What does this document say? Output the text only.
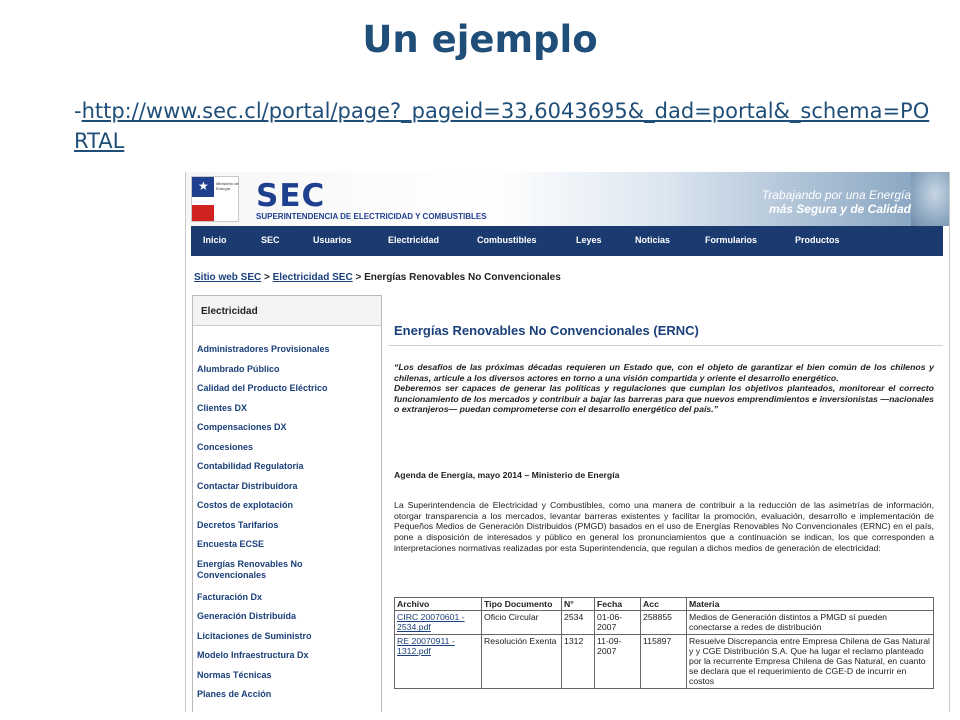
Un ejemplo
-http://www.sec.cl/portal/page?_pageid=33,6043695&_dad=portal&_schema=PORTAL
★ Ministerio de Energía SEC
SUPERINTENDENCIA DE ELECTRICIDAD Y COMBUSTIBLES
Trabajando por una Energía
más Segura y de Calidad
Inicio	SEC	Usuarios	Electricidad	Combustibles	Leyes	Noticias	Formularios	Productos
Sitio web SEC > Electricidad SEC > Energías Renovables No Convencionales
Electricidad
Administradores Provisionales
Alumbrado Público
Calidad del Producto Eléctrico
Clientes DX
Compensaciones DX
Concesiones
Contabilidad Regulatoria
Contactar Distribuidora
Costos de explotación
Decretos Tarifarios
Encuesta ECSE
Energías Renovables No Convencionales
Facturación Dx
Generación Distribuída
Licitaciones de Suministro
Modelo Infraestructura Dx
Normas Técnicas
Planes de Acción
Energías Renovables No Convencionales (ERNC)

“Los desafíos de las próximas décadas requieren un Estado que, con el objeto de garantizar el bien común de los chilenos y chilenas, articule a los diversos actores en torno a una visión compartida y oriente el desarrollo energético.

Deberemos ser capaces de generar las políticas y regulaciones que cumplan los objetivos planteados, monitorear el correcto funcionamiento de los mercados y contribuir a bajar las barreras para que nuevos emprendimientos e inversionistas —nacionales o extranjeros— puedan comprometerse con el desarrollo energético del país.”

Agenda de Energía, mayo 2014 – Ministerio de Energía
La Superintendencia de Electricidad y Combustibles, como una manera de contribuir a la reducción de las asimetrías de información, otorgar transparencia a los mercados, levantar barreras existentes y facilitar la promoción, evaluación, desarrollo e implementación de Pequeños Medios de Generación Distribuidos (PMGD) basados en el uso de Energías Renovables No Convencionales (ERNC) en el país, pone a disposición de interesados y público en general los pronunciamientos que a continuación se indican, los que corresponden a interpretaciones normativas realizadas por esta Superintendencia, que regulan a dichos medios de generación de electricidad:
Archivo	Tipo Documento	N°	Fecha	Acc	Materia
CIRC 20070601 - 2534.pdf	Oficio Circular	2534	01-06-2007	258855	Medios de Generación distintos a PMGD sí pueden conectarse a redes de distribución
RE 20070911 - 1312.pdf	Resolución Exenta	1312	11-09-2007	115897	Resuelve Discrepancia entre Empresa Chilena de Gas Natural y y CGE Distribución S.A. Que ha lugar el reclamo planteado por la recurrente Empresa Chilena de Gas Natural, en cuanto se declara que el requerimiento de CGE-D de incurrir en costos
